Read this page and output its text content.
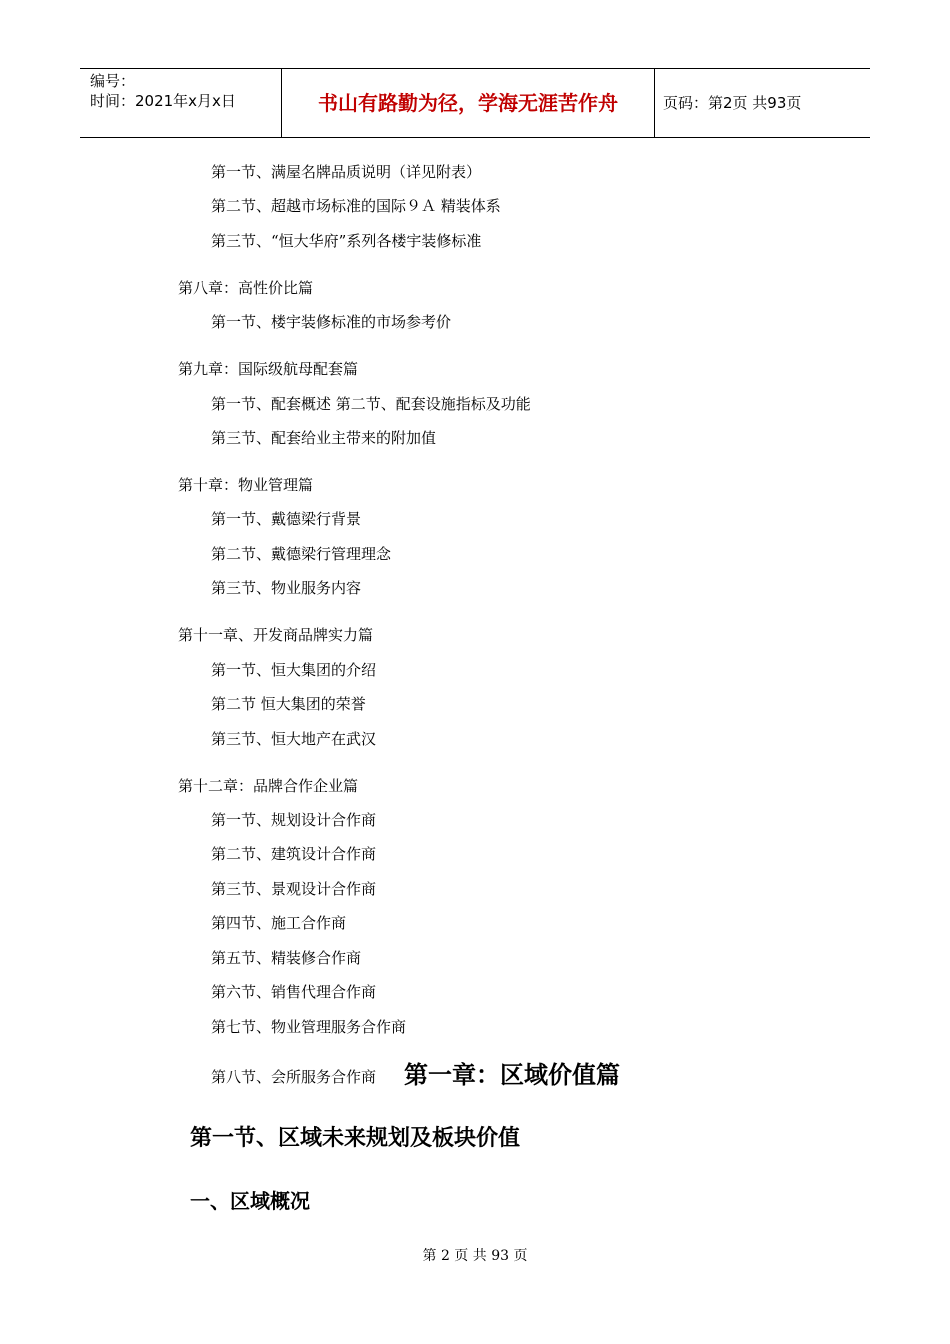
编号：
时间：2021年x月x日	书山有路勤为径，学海无涯苦作舟	页码：第2页 共93页
第一节、满屋名牌品质说明（详见附表）
第二节、超越市场标准的国际９Ａ 精装体系
第三节、“恒大华府”系列各楼宇装修标准
第八章：高性价比篇
第一节、楼宇装修标准的市场参考价
第九章：国际级航母配套篇
第一节、配套概述 第二节、配套设施指标及功能
第三节、配套给业主带来的附加值
第十章：物业管理篇
第一节、戴德梁行背景
第二节、戴德梁行管理理念
第三节、物业服务内容
第十一章、开发商品牌实力篇
第一节、恒大集团的介绍
第二节 恒大集团的荣誉
第三节、恒大地产在武汉
第十二章：品牌合作企业篇
第一节、规划设计合作商
第二节、建筑设计合作商
第三节、景观设计合作商
第四节、施工合作商
第五节、精装修合作商
第六节、销售代理合作商
第七节、物业管理服务合作商
第八节、会所服务合作商 第一章：区域价值篇
第一节、区域未来规划及板块价值
一、区域概况
第 2 页 共 93 页
